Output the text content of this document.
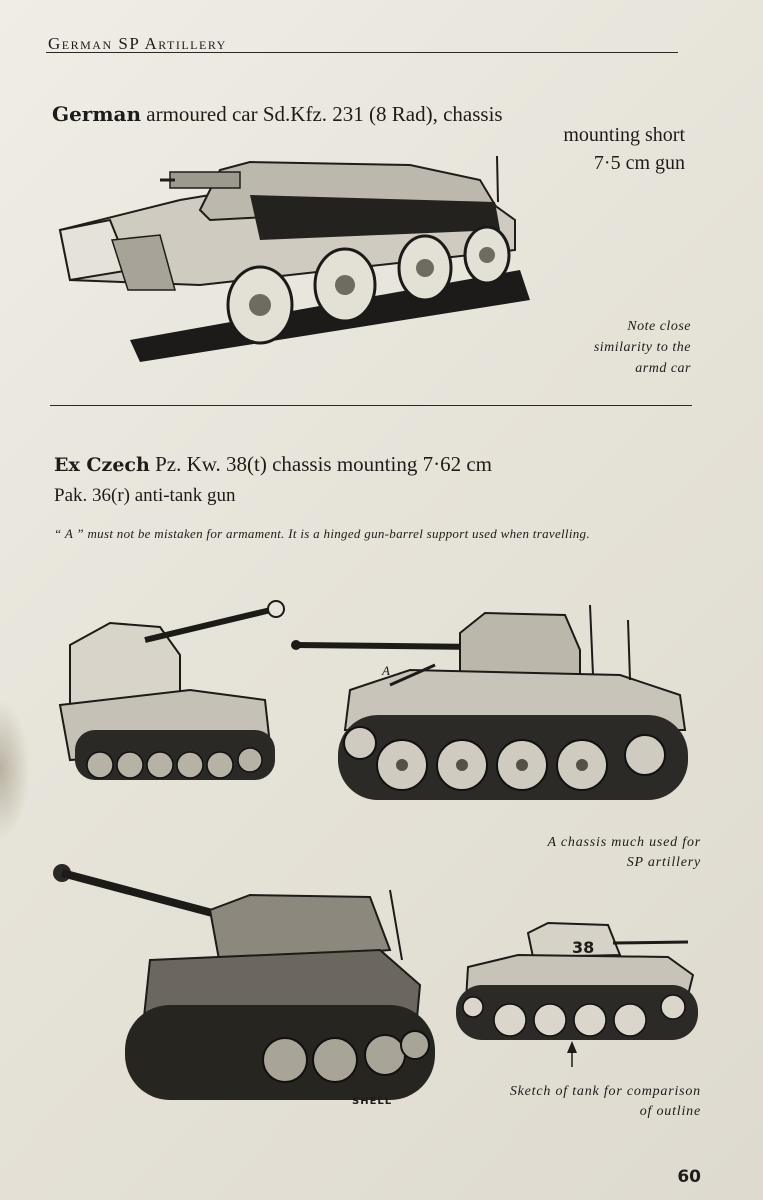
German SP Artillery
German armoured car Sd.Kfz. 231 (8 Rad), chassis
mounting short
7·5 cm gun
Note close
similarity to the
armd car
Ex Czech Pz. Kw. 38(t) chassis mounting 7·62 cm
Pak. 36(r) anti-tank gun
“ A ” must not be mistaken for armament. It is a hinged gun-barrel support used when travelling.
A
A chassis much used for
SP artillery
SHELL
38
Sketch of tank for comparison
of outline
60
